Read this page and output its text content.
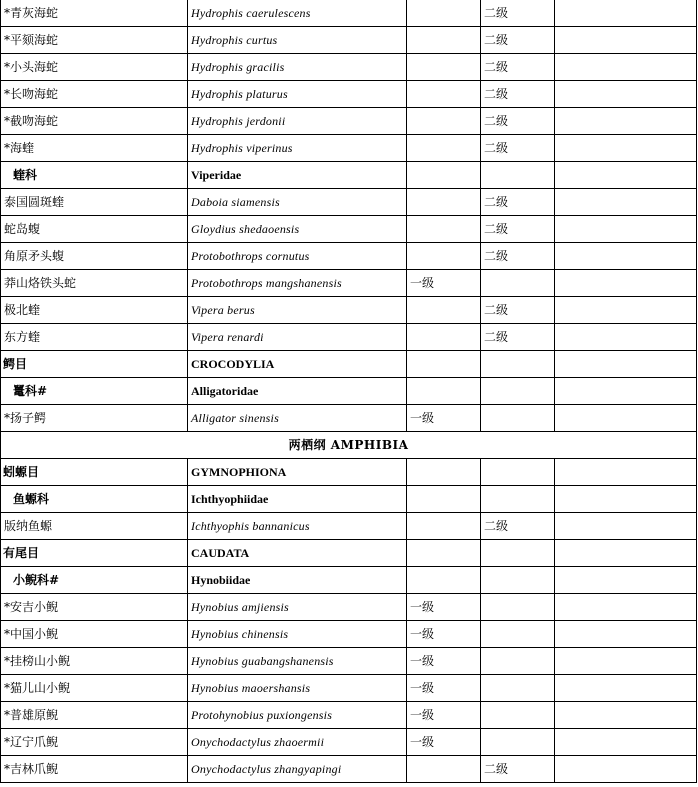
*青灰海蛇	Hydrophis caerulescens		二级	
*平颏海蛇	Hydrophis curtus		二级	
*小头海蛇	Hydrophis gracilis		二级	
*长吻海蛇	Hydrophis platurus		二级	
*截吻海蛇	Hydrophis jerdonii		二级	
*海蝰	Hydrophis viperinus		二级	
蝰科	Viperidae			
泰国圆斑蝰	Daboia siamensis		二级	
蛇岛蝮	Gloydius shedaoensis		二级	
角原矛头蝮	Protobothrops cornutus		二级	
莽山烙铁头蛇	Protobothrops mangshanensis	一级		
极北蝰	Vipera berus		二级	
东方蝰	Vipera renardi		二级	
鳄目	CROCODYLIA			
鼍科#	Alligatoridae			
*扬子鳄	Alligator sinensis	一级		
两栖纲 AMPHIBIA				
蚓螈目	GYMNOPHIONA			
鱼螈科	Ichthyophiidae			
版纳鱼螈	Ichthyophis bannanicus		二级	
有尾目	CAUDATA			
小鲵科#	Hynobiidae			
*安吉小鲵	Hynobius amjiensis	一级		
*中国小鲵	Hynobius chinensis	一级		
*挂榜山小鲵	Hynobius guabangshanensis	一级		
*猫儿山小鲵	Hynobius maoershansis	一级		
*普雄原鲵	Protohynobius puxiongensis	一级		
*辽宁爪鲵	Onychodactylus zhaoermii	一级		
*吉林爪鲵	Onychodactylus zhangyapingi		二级	
